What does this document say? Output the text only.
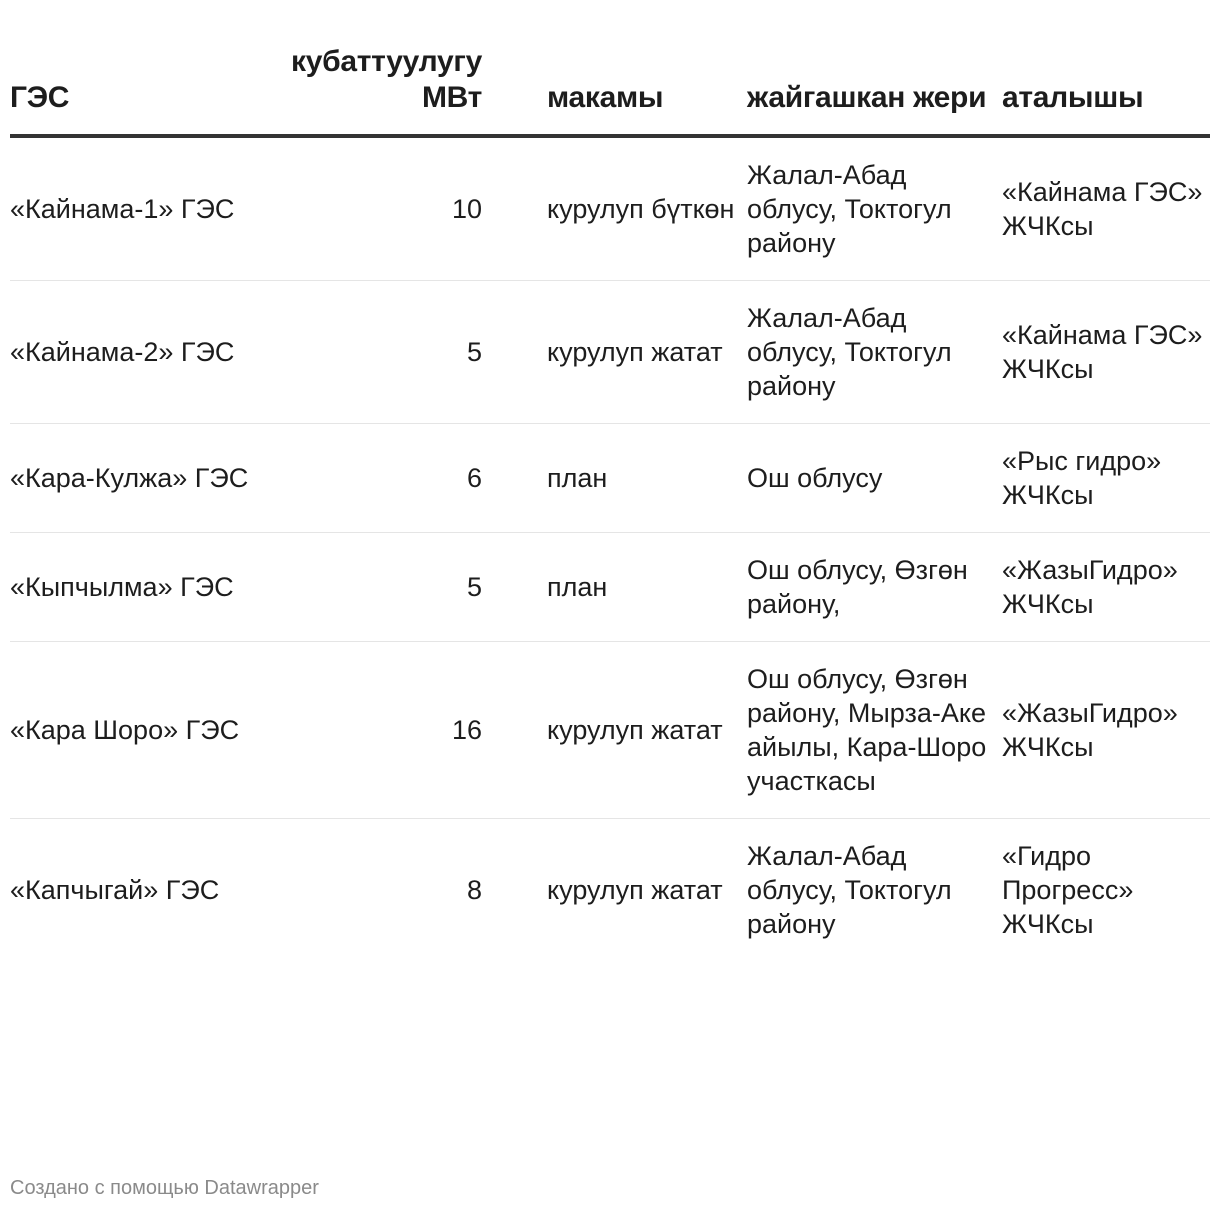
ГЭС	кубаттуулугу МВт	макамы	жайгашкан жери	аталышы
«Кайнама-1» ГЭС	10	курулуп бүткөн	Жалал-Абад облусу, Токтогул району	«Кайнама ГЭС» ЖЧКсы
«Кайнама-2» ГЭС	5	курулуп жатат	Жалал-Абад облусу, Токтогул району	«Кайнама ГЭС» ЖЧКсы
«Кара-Кулжа» ГЭС	6	план	Ош облусу	«Рыс гидро» ЖЧКсы
«Кыпчылма» ГЭС	5	план	Ош облусу, Өзгөн району,	«ЖазыГидро» ЖЧКсы
«Кара Шоро» ГЭС	16	курулуп жатат	Ош облусу, Өзгөн району, Мырза-Аке айылы, Кара-Шоро участкасы	«ЖазыГидро» ЖЧКсы
«Капчыгай» ГЭС	8	курулуп жатат	Жалал-Абад облусу, Токтогул району	«Гидро Прогресс» ЖЧКсы
Создано с помощью Datawrapper
